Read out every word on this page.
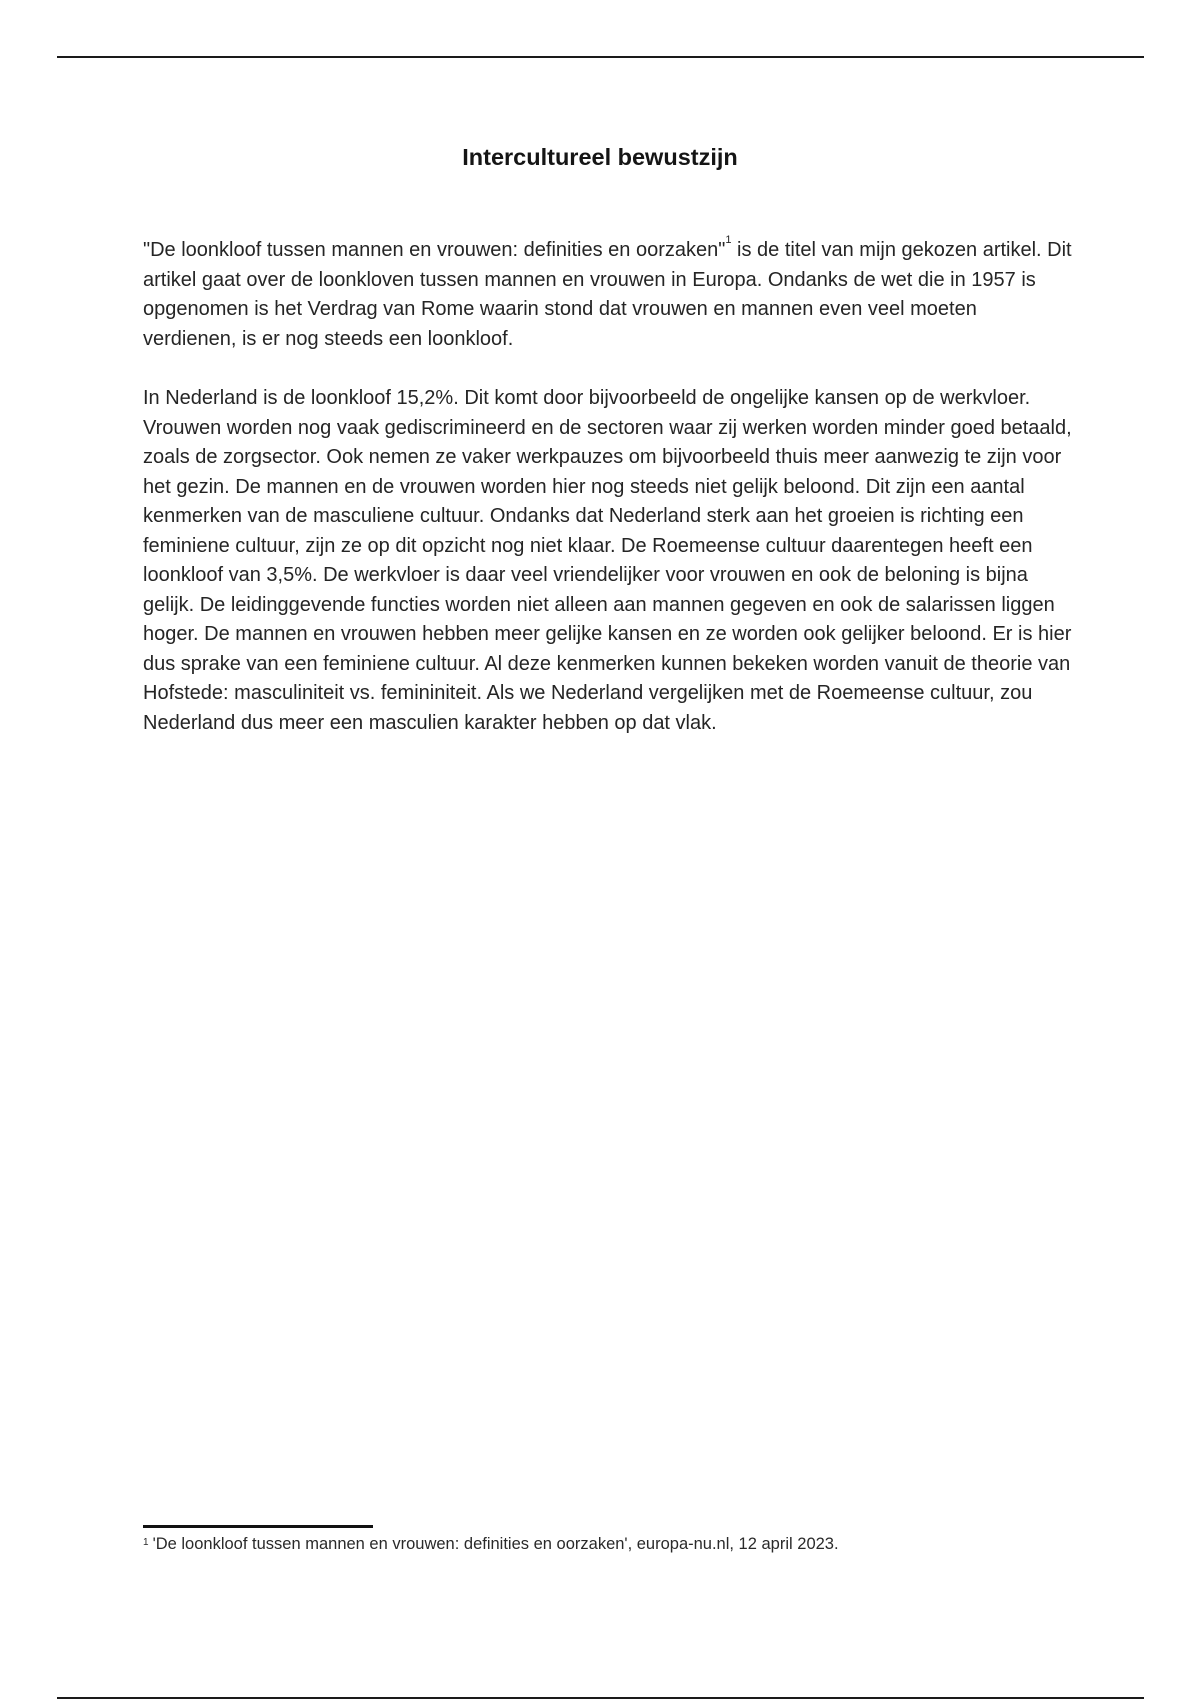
Intercultureel bewustzijn

"De loonkloof tussen mannen en vrouwen: definities en oorzaken"$^1$ is de titel van mijn gekozen artikel. Dit artikel gaat over de loonkloven tussen mannen en vrouwen in Europa. Ondanks de wet die in 1957 is opgenomen is het Verdrag van Rome waarin stond dat vrouwen en mannen even veel moeten verdienen, is er nog steeds een loonkloof.

In Nederland is de loonkloof 15,2%. Dit komt door bijvoorbeeld de ongelijke kansen op de werkvloer. Vrouwen worden nog vaak gediscrimineerd en de sectoren waar zij werken worden minder goed betaald, zoals de zorgsector. Ook nemen ze vaker werkpauzes om bijvoorbeeld thuis meer aanwezig te zijn voor het gezin. De mannen en de vrouwen worden hier nog steeds niet gelijk beloond. Dit zijn een aantal kenmerken van de masculiene cultuur. Ondanks dat Nederland sterk aan het groeien is richting een feminiene cultuur, zijn ze op dit opzicht nog niet klaar. De Roemeense cultuur daarentegen heeft een loonkloof van 3,5%. De werkvloer is daar veel vriendelijker voor vrouwen en ook de beloning is bijna gelijk. De leidinggevende functies worden niet alleen aan mannen gegeven en ook de salarissen liggen hoger. De mannen en vrouwen hebben meer gelijke kansen en ze worden ook gelijker beloond. Er is hier dus sprake van een feminiene cultuur. Al deze kenmerken kunnen bekeken worden vanuit de theorie van Hofstede: masculiniteit vs. femininiteit. Als we Nederland vergelijken met de Roemeense cultuur, zou Nederland dus meer een masculien karakter hebben op dat vlak.

$^1$ 'De loonkloof tussen mannen en vrouwen: definities en oorzaken', europa-nu.nl, 12 april 2023.
